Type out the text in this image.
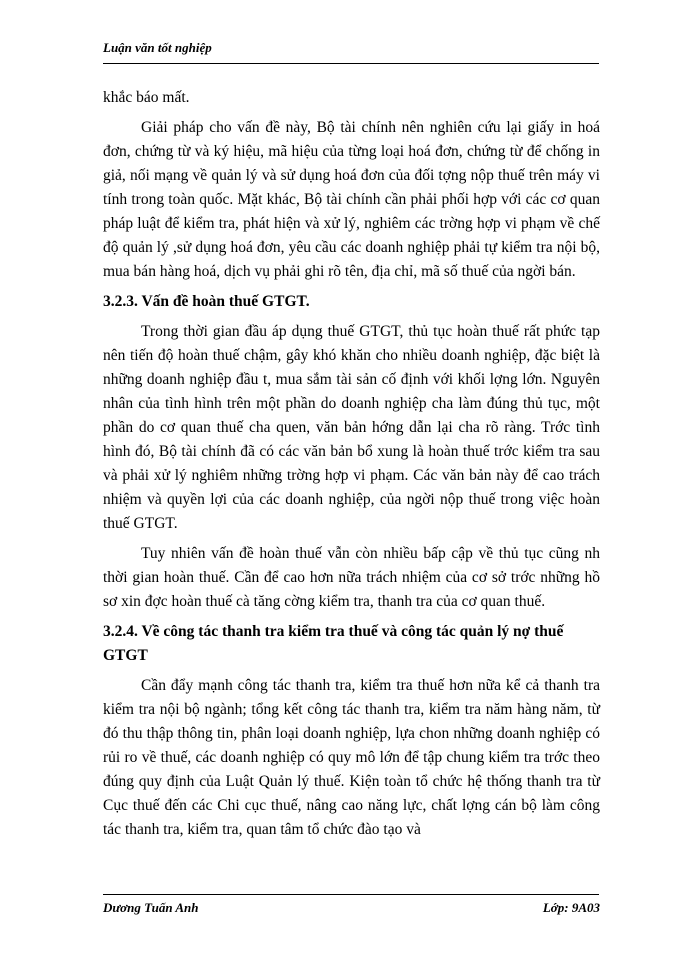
Luận văn tốt nghiệp

khắc báo mất.

Giải pháp cho vấn đề này, Bộ tài chính nên nghiên cứu lại giấy in hoá đơn, chứng từ và ký hiệu, mã hiệu của từng loại hoá đơn, chứng từ để chống in giả, nối mạng về quản lý và sử dụng hoá đơn của đối tợng nộp thuế trên máy vi tính trong toàn quốc. Mặt khác, Bộ tài chính cần phải phối hợp với các cơ quan pháp luật để kiểm tra, phát hiện và xử lý, nghiêm các trờng hợp vi phạm về chế độ quản lý ,sử dụng hoá đơn, yêu cầu các doanh nghiệp phải tự kiểm tra nội bộ, mua bán hàng hoá, dịch vụ phải ghi rõ tên, địa chỉ, mã số thuế của ngời bán.

3.2.3. Vấn đề hoàn thuế GTGT.

Trong thời gian đầu áp dụng thuế GTGT, thủ tục hoàn thuế rất phức tạp nên tiến độ hoàn thuế chậm, gây khó khăn cho nhiều doanh nghiệp, đặc biệt là những doanh nghiệp đầu t, mua sắm tài sản cố định với khối lợng lớn. Nguyên nhân của tình hình trên một phần do doanh nghiệp cha làm đúng thủ tục, một phần do cơ quan thuế cha quen, văn bản hớng dẫn lại cha rõ ràng. Trớc tình hình đó, Bộ tài chính đã có các văn bản bổ xung là hoàn thuế trớc kiểm tra sau và phải xử lý nghiêm những trờng hợp vi phạm. Các văn bản này để cao trách nhiệm và quyền lợi của các doanh nghiệp, của ngời nộp thuế trong việc hoàn thuế GTGT.

Tuy nhiên vấn đề hoàn thuế vẫn còn nhiều bấp cập về thủ tục cũng nh thời gian hoàn thuế. Cần để cao hơn nữa trách nhiệm của cơ sở trớc những hồ sơ xin đợc hoàn thuế cà tăng cờng kiểm tra, thanh tra của cơ quan thuế.

3.2.4. Về công tác thanh tra kiểm tra thuế và công tác quản lý nợ thuế GTGT

Cần đẩy mạnh công tác thanh tra, kiểm tra thuế hơn nữa kể cả thanh tra kiểm tra nội bộ ngành; tổng kết công tác thanh tra, kiểm tra năm hàng năm, từ đó thu thập thông tin, phân loại doanh nghiệp, lựa chon những doanh nghiệp có rủi ro về thuế, các doanh nghiệp có quy mô lớn để tập chung kiểm tra trớc theo đúng quy định của Luật Quản lý thuế. Kiện toàn tổ chức hệ thống thanh tra từ Cục thuế đến các Chi cục thuế, nâng cao năng lực, chất lợng cán bộ làm công tác thanh tra, kiểm tra, quan tâm tổ chức đào tạo và

Dương Tuấn Anh	Lớp: 9A03
